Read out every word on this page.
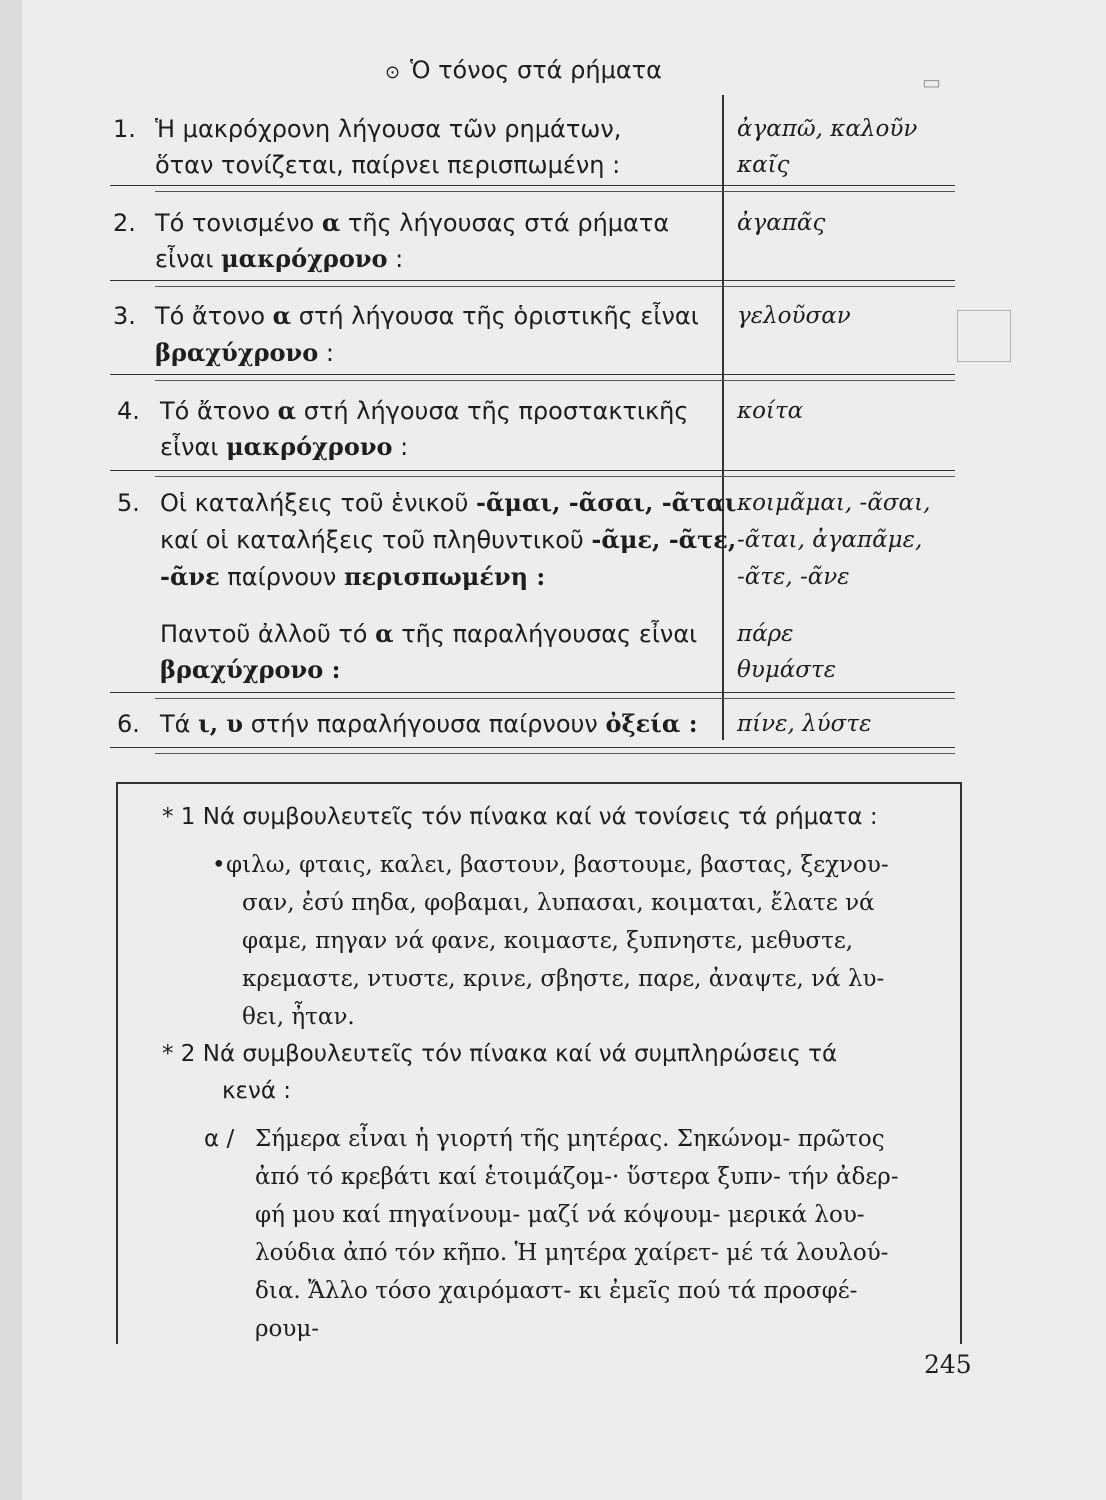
▭
⊙ Ὁ τόνος στά ρήματα
1. Ἡ μακρόχρονη λήγουσα τῶν ρημάτων,
ὅταν τονίζεται, παίρνει περισπωμένη :
ἀγαπῶ, καλοῦν
καῖς
2. Τό τονισμένο α τῆς λήγουσας στά ρήματα
εἶναι μακρόχρονο :
ἀγαπᾶς
3. Τό ἄτονο α στή λήγουσα τῆς ὁριστικῆς εἶναι
βραχύχρονο :
γελοῦσαν
4. Τό ἄτονο α στή λήγουσα τῆς προστακτικῆς
εἶναι μακρόχρονο :
κοίτα
5. Οἱ καταλήξεις τοῦ ἑνικοῦ -ᾶμαι, -ᾶσαι, -ᾶται
καί οἱ καταλήξεις τοῦ πληθυντικοῦ -ᾶμε, -ᾶτε,
-ᾶνε παίρνουν περισπωμένη :
κοιμᾶμαι, -ᾶσαι,
-ᾶται, ἀγαπᾶμε,
-ᾶτε, -ᾶνε
Παντοῦ ἀλλοῦ τό α τῆς παραλήγουσας εἶναι
βραχύχρονο :
πάρε
θυμάστε
6. Τά ι, υ στήν παραλήγουσα παίρνουν ὀξεία : πίνε, λύστε
* 1 Νά συμβουλευτεῖς τόν πίνακα καί νά τονίσεις τά ρήματα :
•φιλω, φταις, καλει, βαστουν, βαστουμε, βαστας, ξεχνου-
σαν, ἐσύ πηδα, φοβαμαι, λυπασαι, κοιμαται, ἔλατε νά
φαμε, πηγαν νά φανε, κοιμαστε, ξυπνηστε, μεθυστε,
κρεμαστε, ντυστε, κρινε, σβηστε, παρε, ἀναψτε, νά λυ-
θει, ἦταν.
* 2 Νά συμβουλευτεῖς τόν πίνακα καί νά συμπληρώσεις τά
κενά :
α / Σήμερα εἶναι ἡ γιορτή τῆς μητέρας. Σηκώνομ- πρῶτος
ἀπό τό κρεβάτι καί ἑτοιμάζομ-· ὕστερα ξυπν- τήν ἀδερ-
φή μου καί πηγαίνουμ- μαζί νά κόψουμ- μερικά λου-
λούδια ἀπό τόν κῆπο. Ἡ μητέρα χαίρετ- μέ τά λουλού-
δια. Ἄλλο τόσο χαιρόμαστ- κι ἐμεῖς πού τά προσφέ-
ρουμ-
245
